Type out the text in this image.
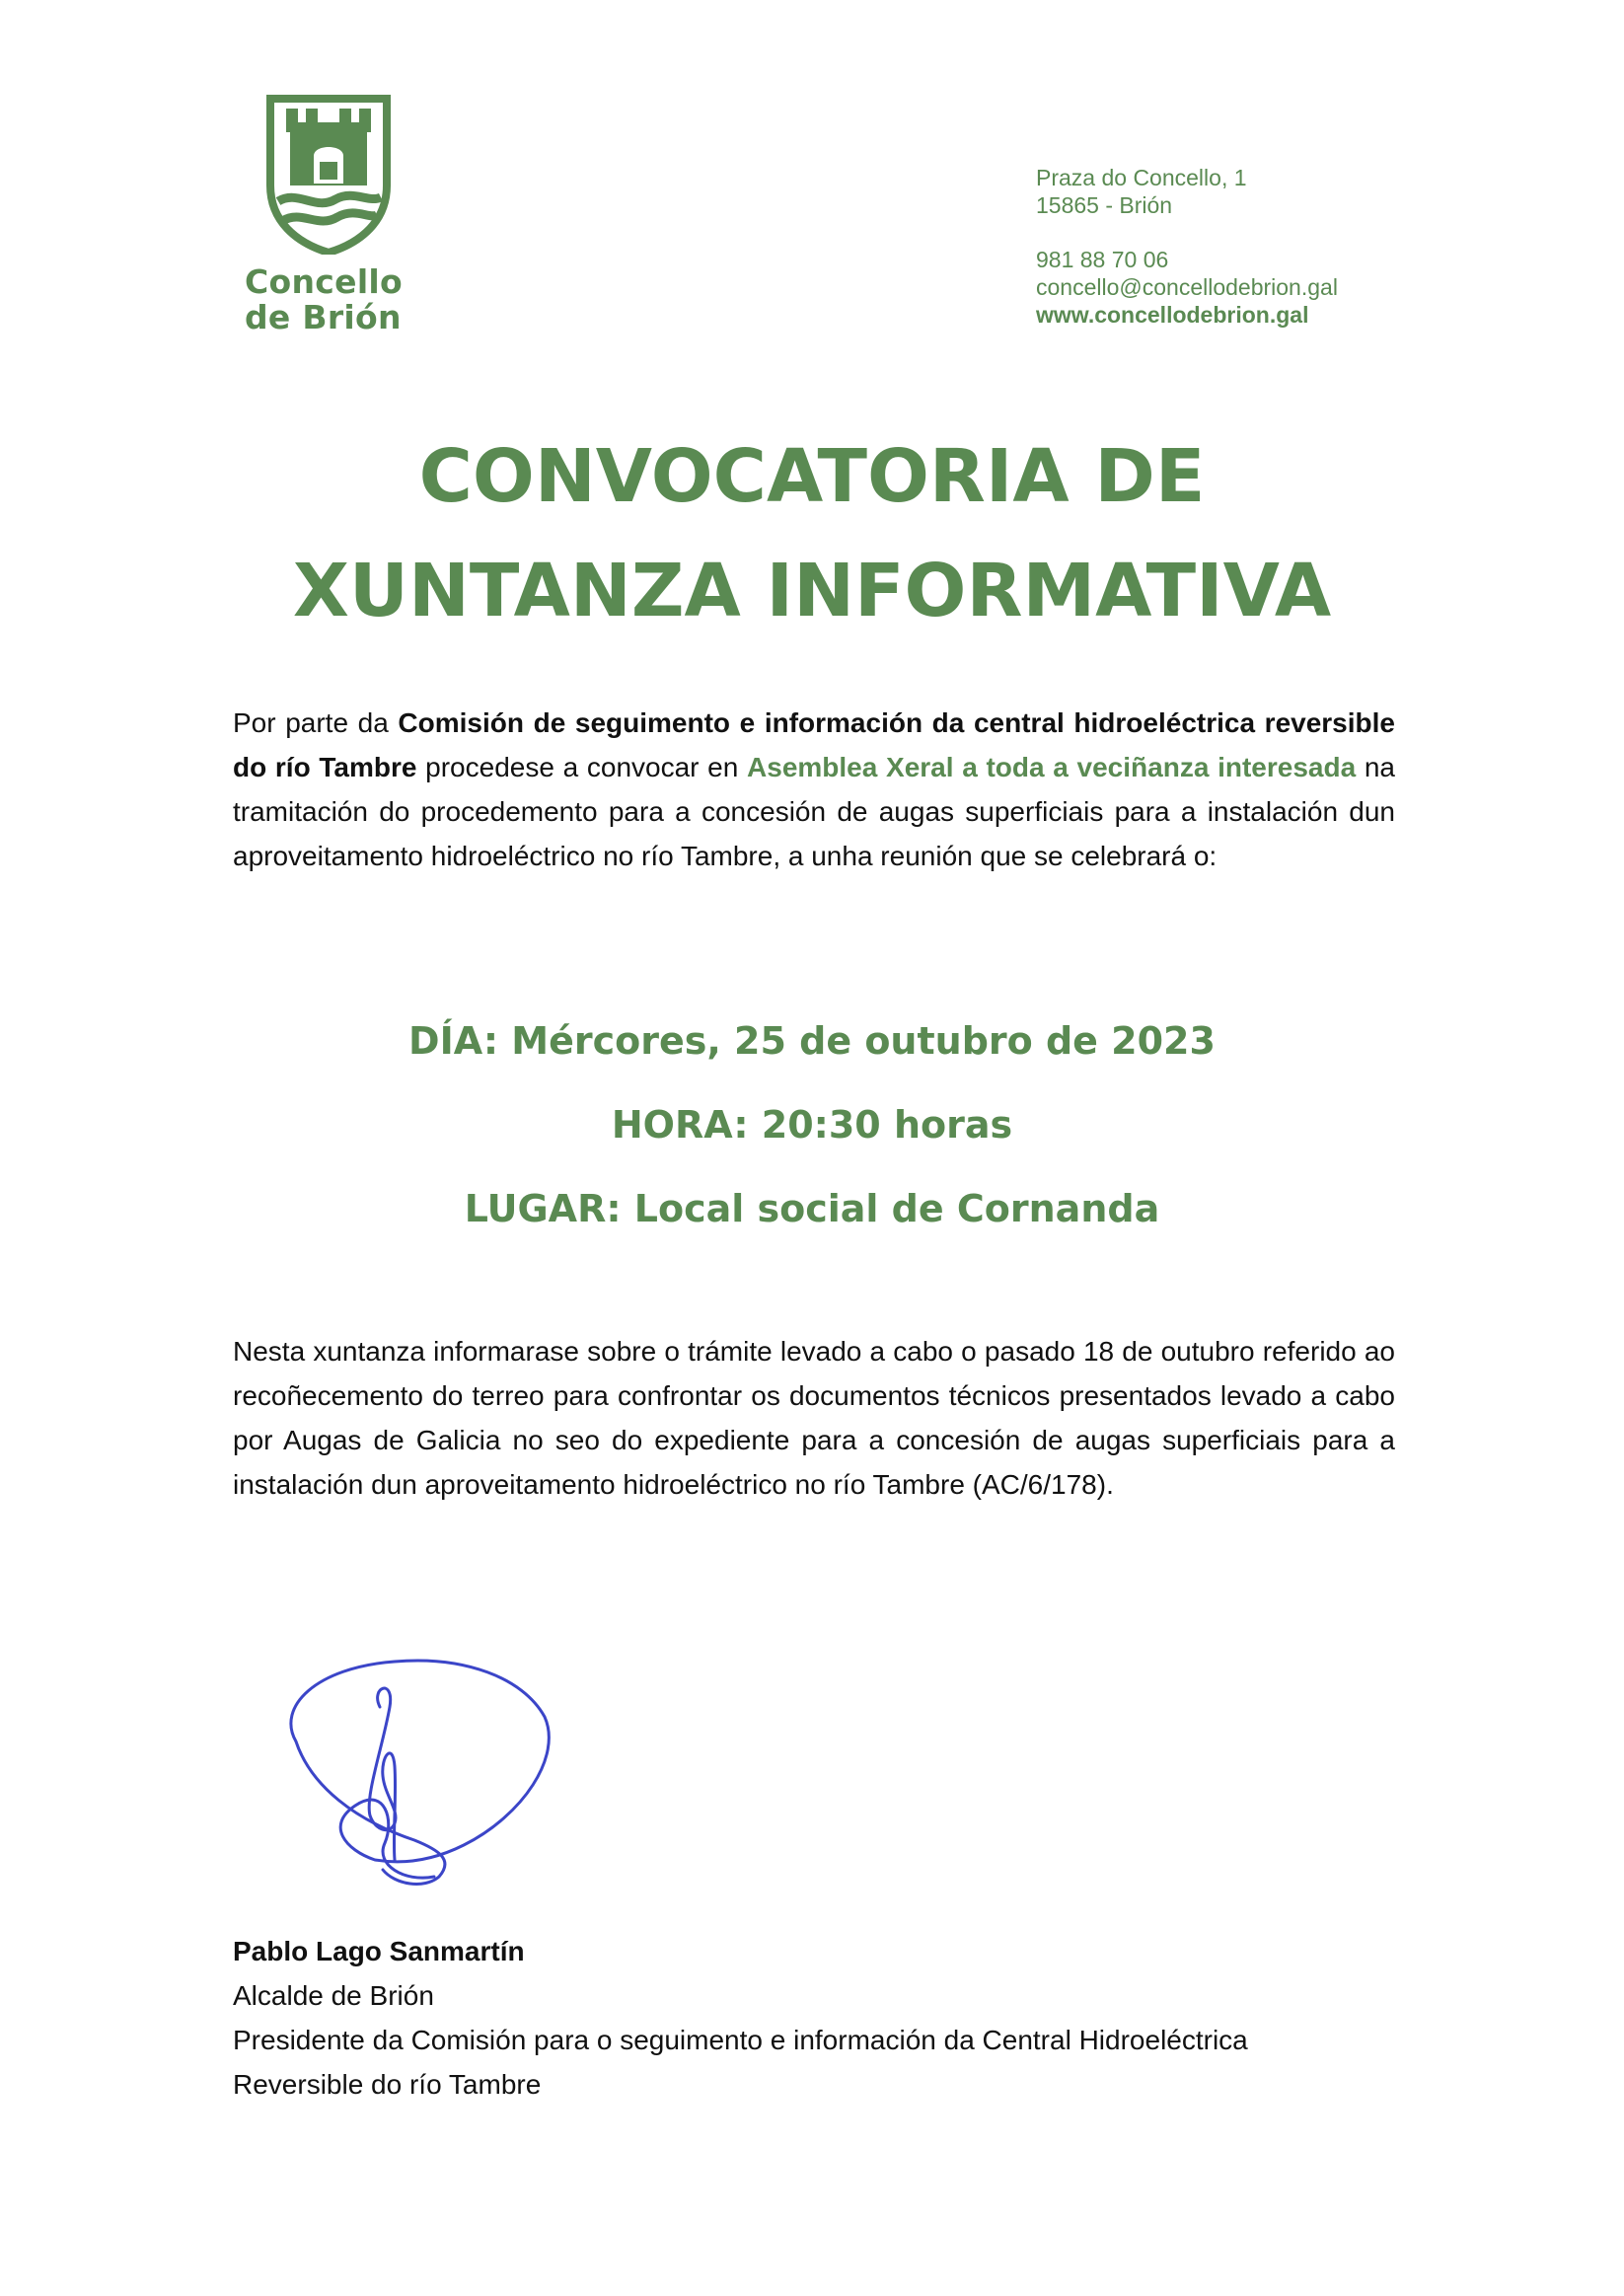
Concello
de Brión
Praza do Concello, 1
15865 - Brión
981 88 70 06
concello@concellodebrion.gal
www.concellodebrion.gal
CONVOCATORIA DE
XUNTANZA INFORMATIVA
Por parte da Comisión de seguimento e información da central hidroeléctrica reversible do río Tambre procedese a convocar en Asemblea Xeral a toda a veciñanza interesada na tramitación do procedemento para a concesión de augas superficiais para a instalación dun aproveitamento hidroeléctrico no río Tambre, a unha reunión que se celebrará o:
DÍA: Mércores, 25 de outubro de 2023
HORA: 20:30 horas
LUGAR: Local social de Cornanda
Nesta xuntanza informarase sobre o trámite levado a cabo o pasado 18 de outubro referido ao recoñecemento do terreo para confrontar os documentos técnicos presentados levado a cabo por Augas de Galicia no seo do expediente para a concesión de augas superficiais para a instalación dun aproveitamento hidroeléctrico no río Tambre (AC/6/178).
Pablo Lago Sanmartín
Alcalde de Brión
Presidente da Comisión para o seguimento e información da Central Hidroeléctrica
Reversible do río Tambre
